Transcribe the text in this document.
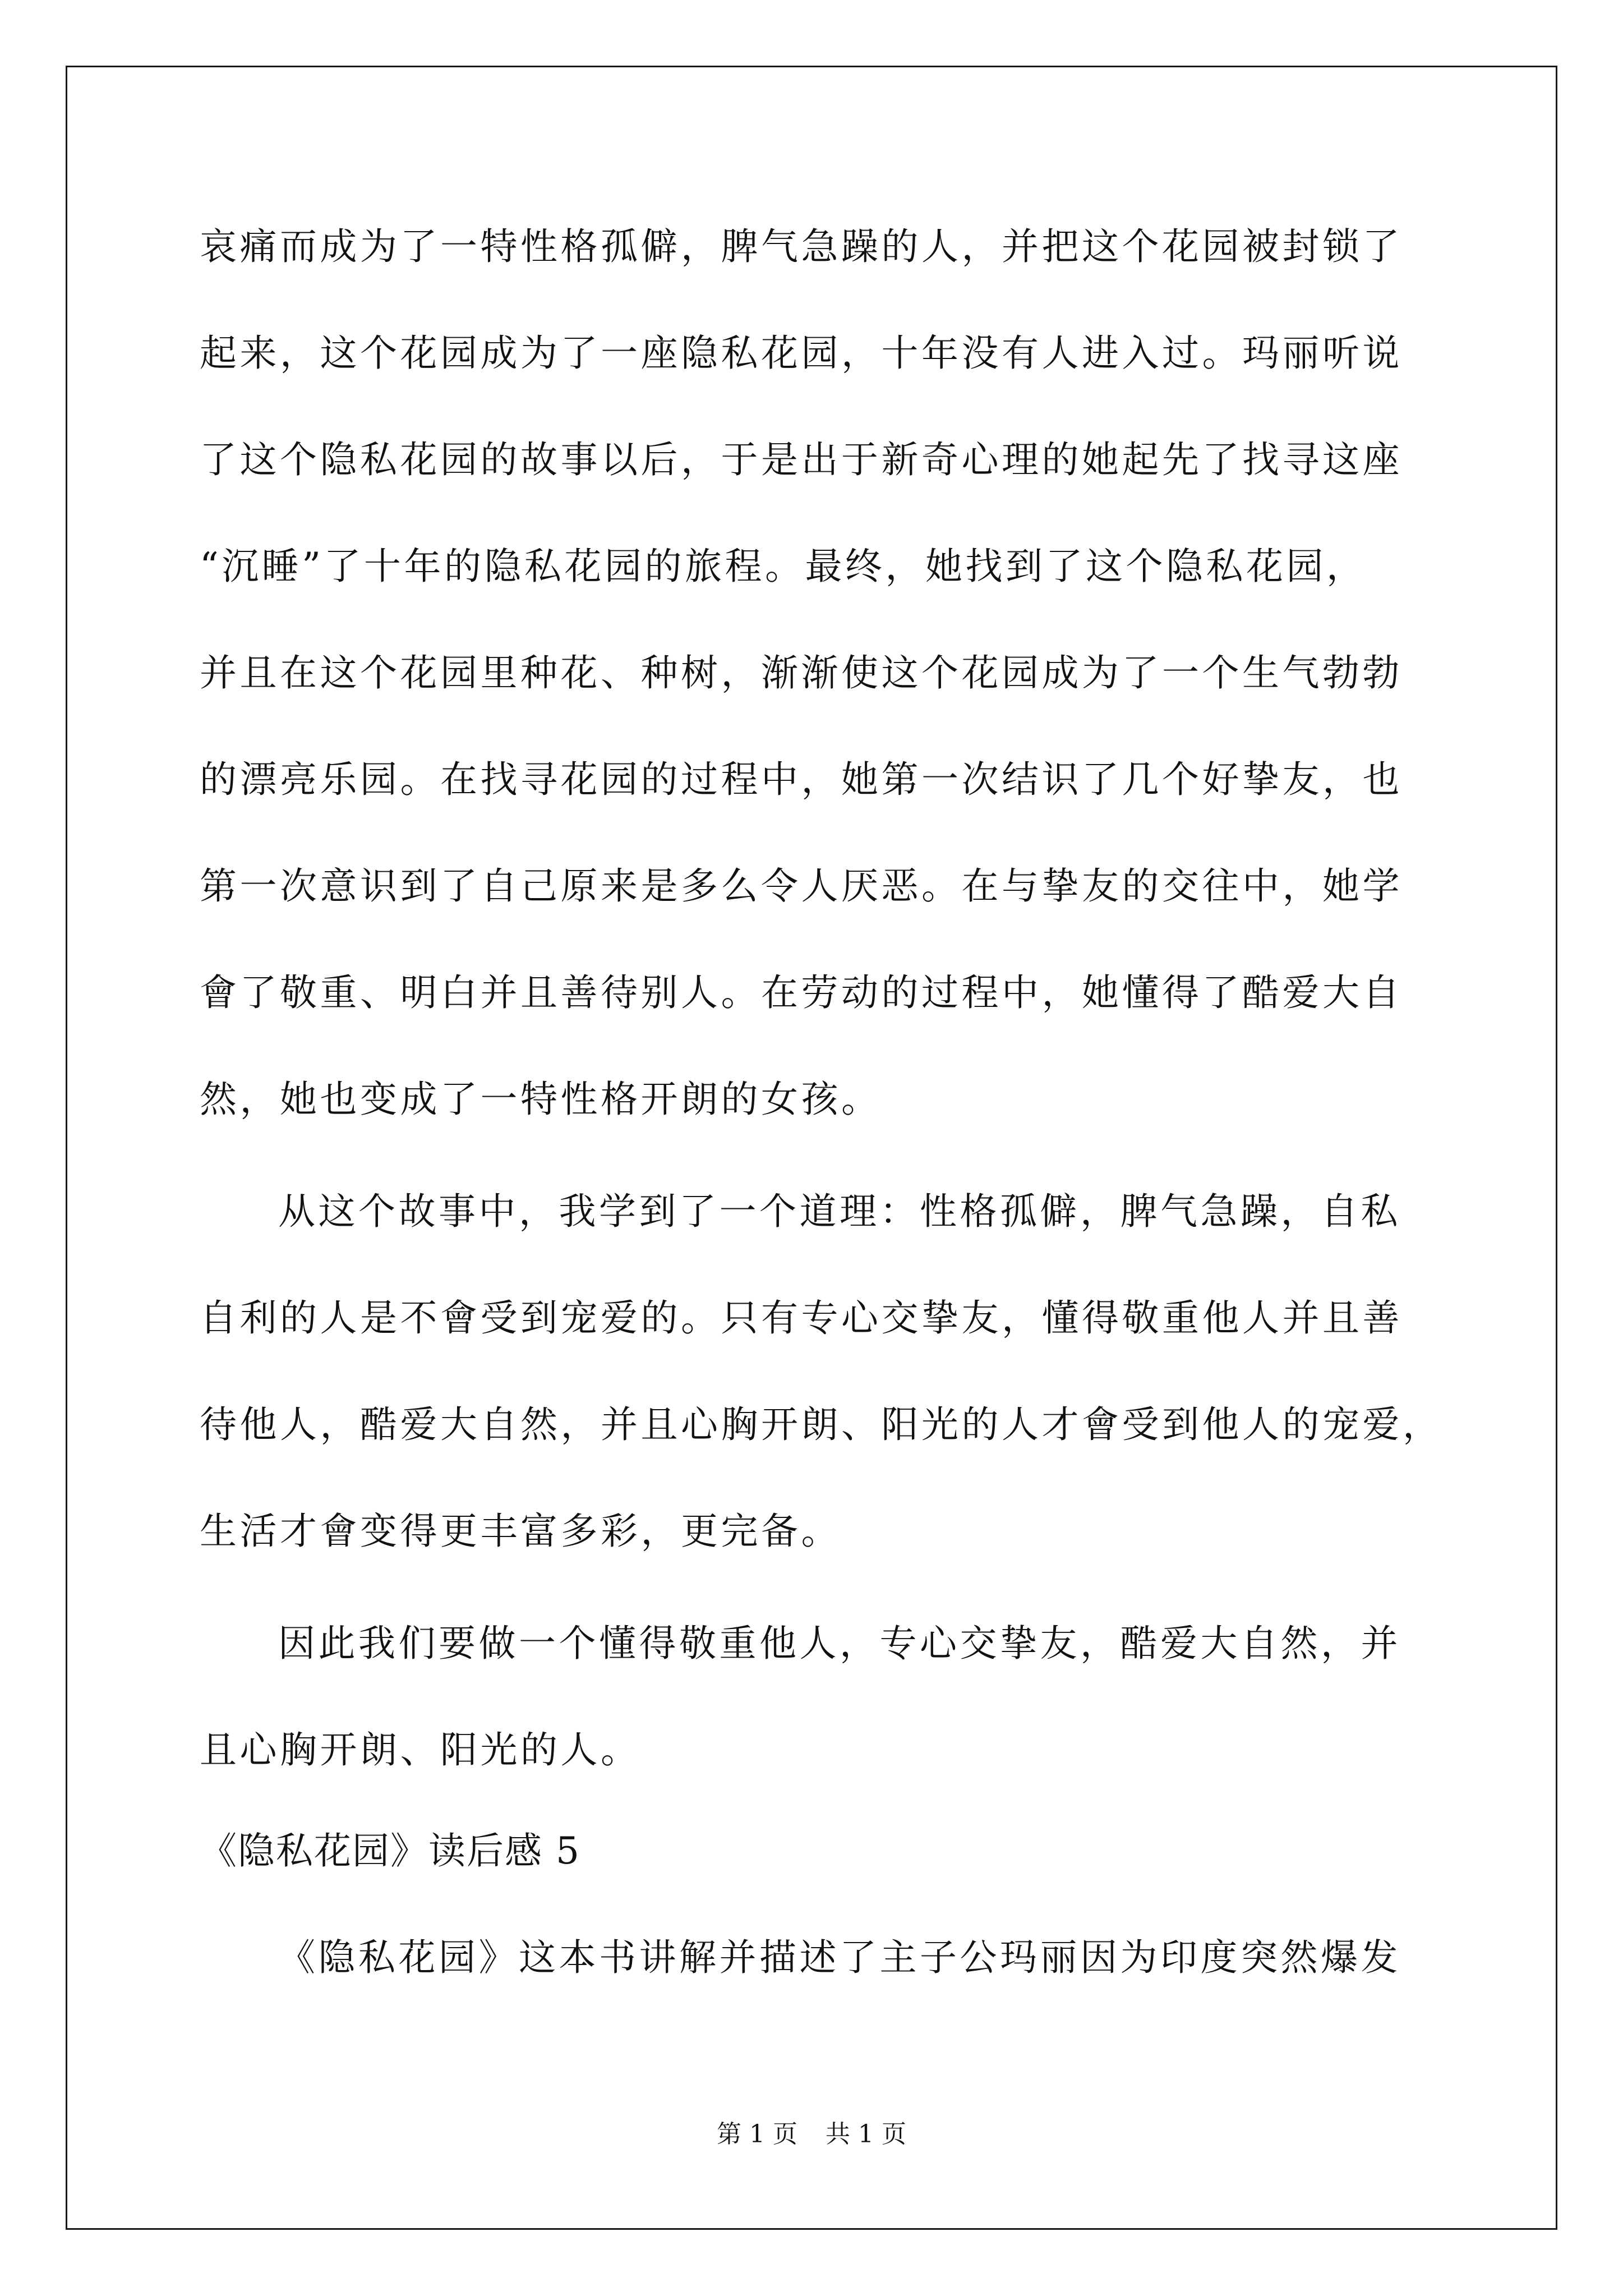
哀痛而成为了一特性格孤僻，脾气急躁的人，并把这个花园被封锁了
起来，这个花园成为了一座隐私花园，十年没有人进入过。玛丽听说
了这个隐私花园的故事以后，于是出于新奇心理的她起先了找寻这座
“沉睡”了十年的隐私花园的旅程。最终，她找到了这个隐私花园，
并且在这个花园里种花、种树，渐渐使这个花园成为了一个生气勃勃
的漂亮乐园。在找寻花园的过程中，她第一次结识了几个好挚友，也
第一次意识到了自己原来是多么令人厌恶。在与挚友的交往中，她学
會了敬重、明白并且善待别人。在劳动的过程中，她懂得了酷爱大自
然，她也变成了一特性格开朗的女孩。
从这个故事中，我学到了一个道理：性格孤僻，脾气急躁，自私
自利的人是不會受到宠爱的。只有专心交挚友，懂得敬重他人并且善
待他人，酷爱大自然，并且心胸开朗、阳光的人才會受到他人的宠爱，
生活才會变得更丰富多彩，更完备。
因此我们要做一个懂得敬重他人，专心交挚友，酷爱大自然，并
且心胸开朗、阳光的人。
《隐私花园》读后感 5
《隐私花园》这本书讲解并描述了主子公玛丽因为印度突然爆发
第 1 页 共 1 页
